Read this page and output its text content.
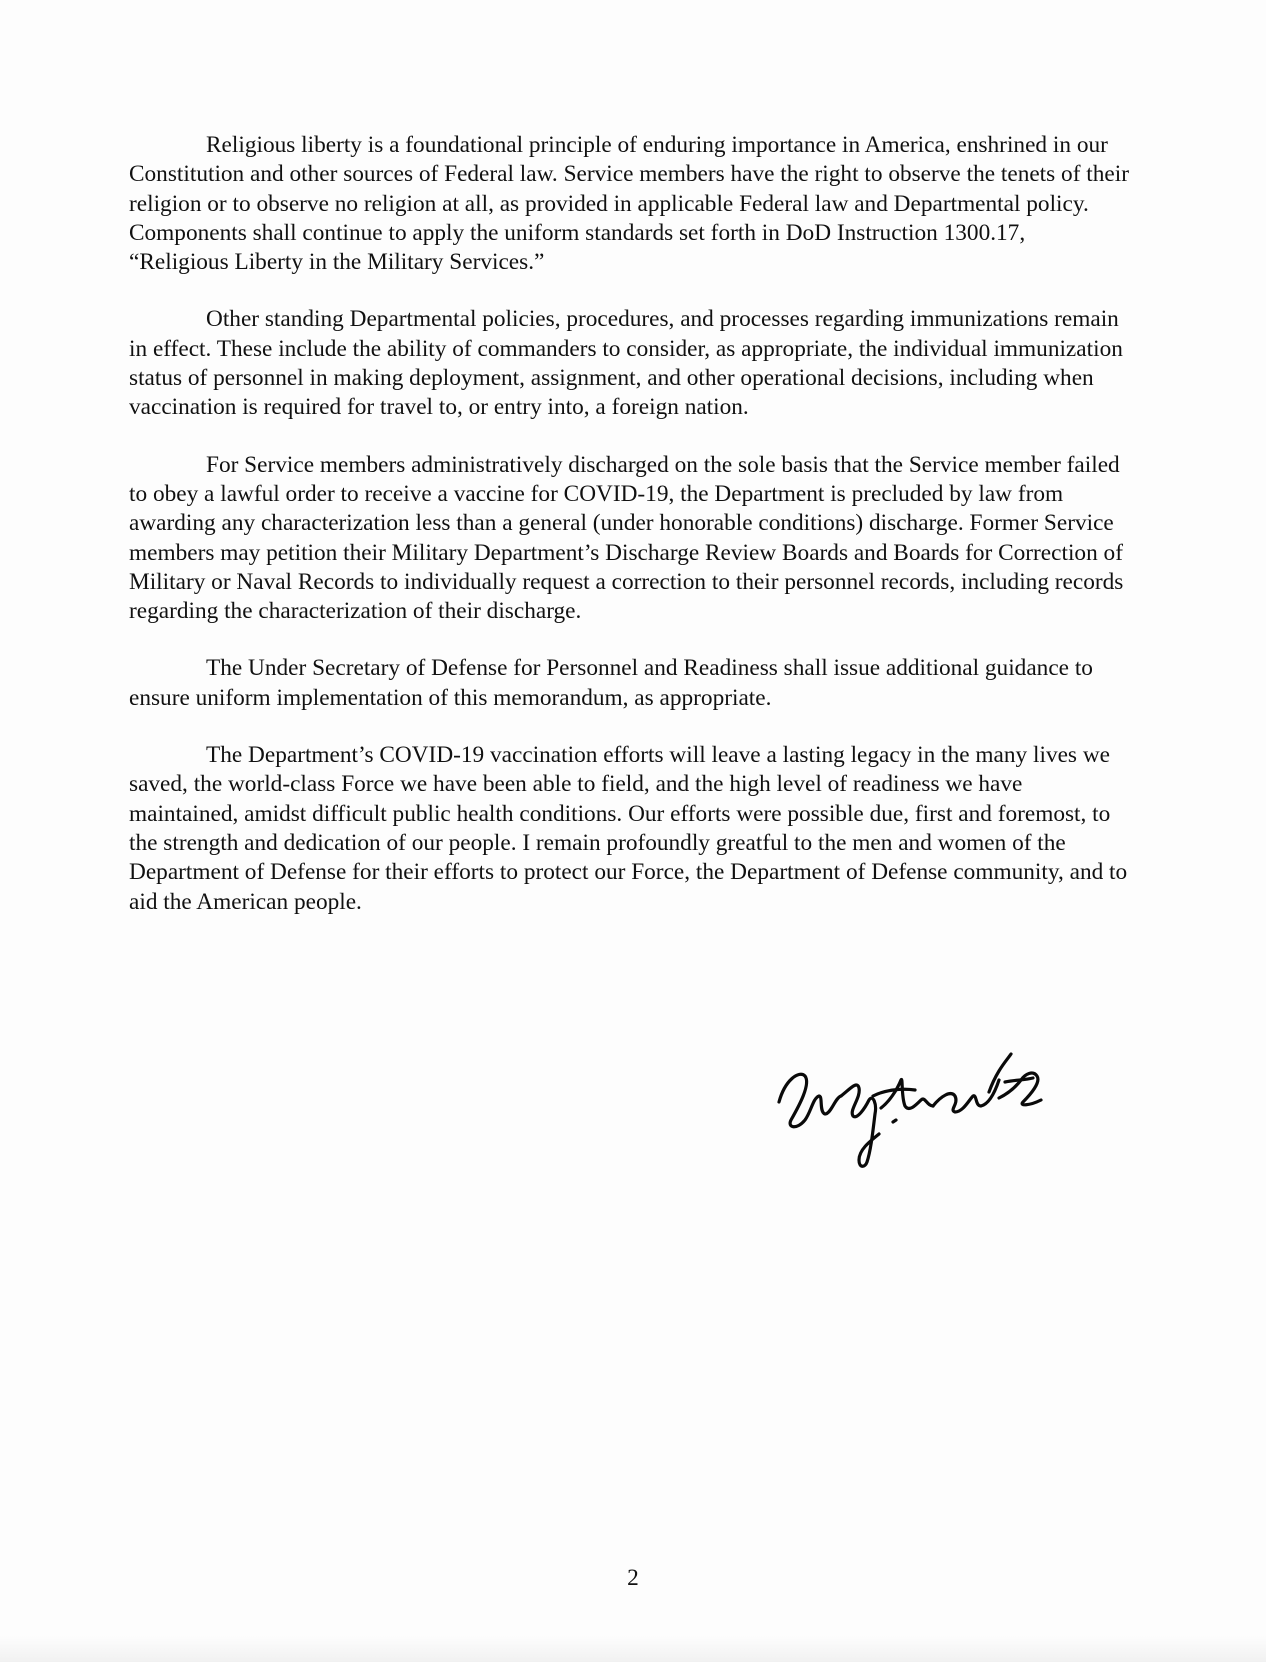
Religious liberty is a foundational principle of enduring importance in America, enshrined in our Constitution and other sources of Federal law. Service members have the right to observe the tenets of their religion or to observe no religion at all, as provided in applicable Federal law and Departmental policy. Components shall continue to apply the uniform standards set forth in DoD Instruction 1300.17, “Religious Liberty in the Military Services.”

Other standing Departmental policies, procedures, and processes regarding immunizations remain in effect. These include the ability of commanders to consider, as appropriate, the individual immunization status of personnel in making deployment, assignment, and other operational decisions, including when vaccination is required for travel to, or entry into, a foreign nation.

For Service members administratively discharged on the sole basis that the Service member failed to obey a lawful order to receive a vaccine for COVID-19, the Department is precluded by law from awarding any characterization less than a general (under honorable conditions) discharge. Former Service members may petition their Military Department’s Discharge Review Boards and Boards for Correction of Military or Naval Records to individually request a correction to their personnel records, including records regarding the characterization of their discharge.

The Under Secretary of Defense for Personnel and Readiness shall issue additional guidance to ensure uniform implementation of this memorandum, as appropriate.

The Department’s COVID-19 vaccination efforts will leave a lasting legacy in the many lives we saved, the world-class Force we have been able to field, and the high level of readiness we have maintained, amidst difficult public health conditions. Our efforts were possible due, first and foremost, to the strength and dedication of our people. I remain profoundly greatful to the men and women of the Department of Defense for their efforts to protect our Force, the Department of Defense community, and to aid the American people.

2
